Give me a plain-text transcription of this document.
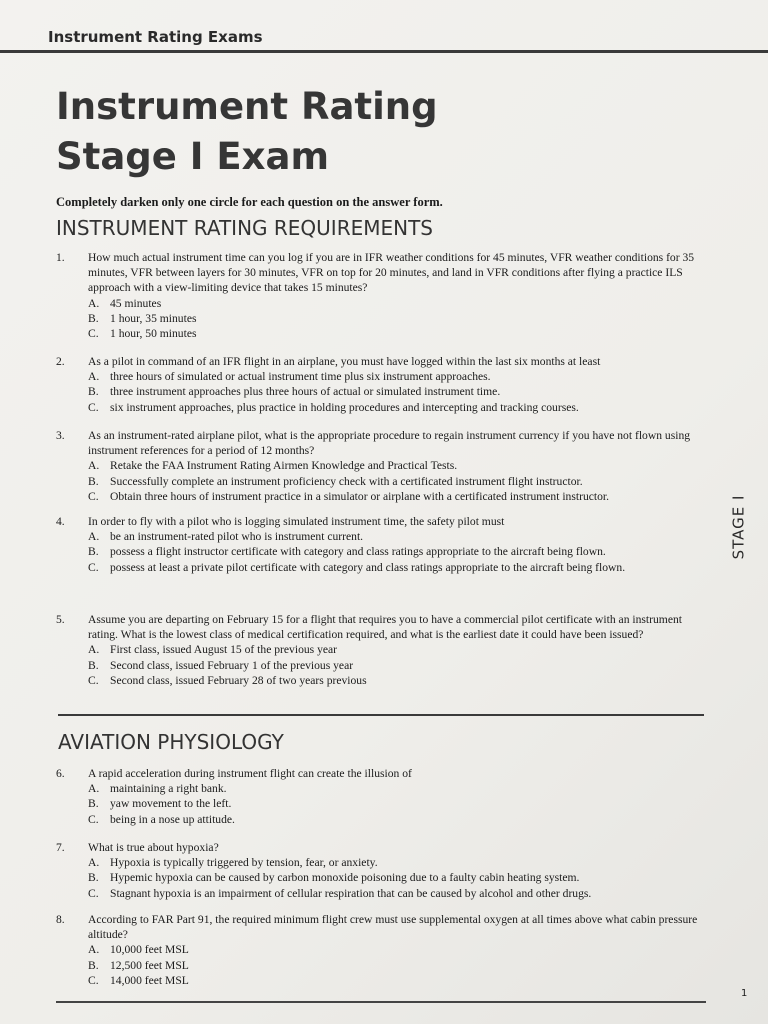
Instrument Rating Exams
Instrument Rating
Stage I Exam
Completely darken only one circle for each question on the answer form.
INSTRUMENT RATING REQUIREMENTS
1.	How much actual instrument time can you log if you are in IFR weather conditions for 45 minutes, VFR weather conditions for 35 minutes, VFR between layers for 30 minutes, VFR on top for 20 minutes, and land in VFR conditions after flying a practice ILS approach with a view-limiting device that takes 15 minutes?
A. 45 minutes
B. 1 hour, 35 minutes
C. 1 hour, 50 minutes
2.	As a pilot in command of an IFR flight in an airplane, you must have logged within the last six months at least
A. three hours of simulated or actual instrument time plus six instrument approaches.
B. three instrument approaches plus three hours of actual or simulated instrument time.
C. six instrument approaches, plus practice in holding procedures and intercepting and tracking courses.
3.	As an instrument-rated airplane pilot, what is the appropriate procedure to regain instrument currency if you have not flown using instrument references for a period of 12 months?
A. Retake the FAA Instrument Rating Airmen Knowledge and Practical Tests.
B. Successfully complete an instrument proficiency check with a certificated instrument flight instructor.
C. Obtain three hours of instrument practice in a simulator or airplane with a certificated instrument instructor.
4.	In order to fly with a pilot who is logging simulated instrument time, the safety pilot must
A. be an instrument-rated pilot who is instrument current.
B. possess a flight instructor certificate with category and class ratings appropriate to the aircraft being flown.
C. possess at least a private pilot certificate with category and class ratings appropriate to the aircraft being flown.
5.	Assume you are departing on February 15 for a flight that requires you to have a commercial pilot certificate with an instrument rating. What is the lowest class of medical certification required, and what is the earliest date it could have been issued?
A. First class, issued August 15 of the previous year
B. Second class, issued February 1 of the previous year
C. Second class, issued February 28 of two years previous
AVIATION PHYSIOLOGY
6.	A rapid acceleration during instrument flight can create the illusion of
A. maintaining a right bank.
B. yaw movement to the left.
C. being in a nose up attitude.
7.	What is true about hypoxia?
A. Hypoxia is typically triggered by tension, fear, or anxiety.
B. Hypemic hypoxia can be caused by carbon monoxide poisoning due to a faulty cabin heating system.
C. Stagnant hypoxia is an impairment of cellular respiration that can be caused by alcohol and other drugs.
8.	According to FAR Part 91, the required minimum flight crew must use supplemental oxygen at all times above what cabin pressure altitude?
A. 10,000 feet MSL
B. 12,500 feet MSL
C. 14,000 feet MSL
STAGE I
1
